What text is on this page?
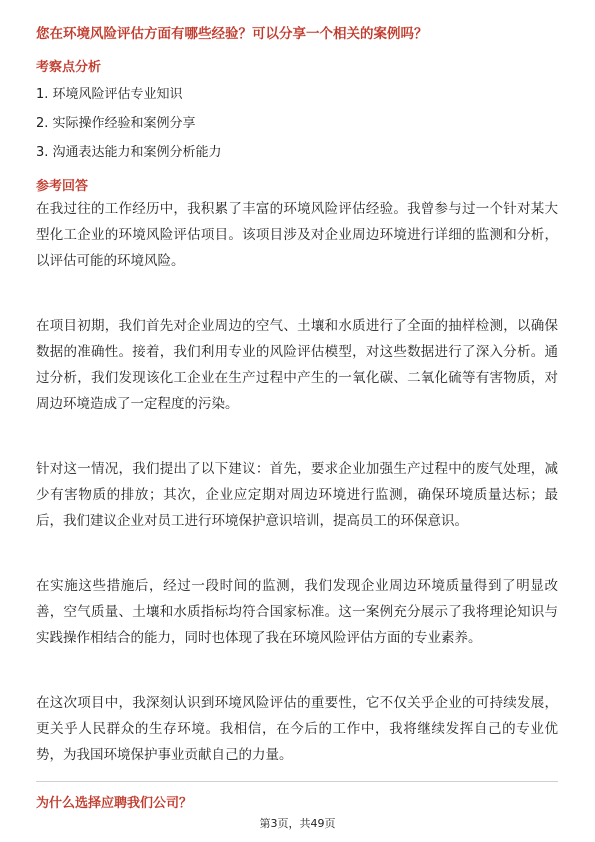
您在环境风险评估方面有哪些经验？可以分享一个相关的案例吗？
考察点分析
1. 环境风险评估专业知识
2. 实际操作经验和案例分享
3. 沟通表达能力和案例分析能力
参考回答

在我过往的工作经历中，我积累了丰富的环境风险评估经验。我曾参与过一个针对某大型化工企业的环境风险评估项目。该项目涉及对企业周边环境进行详细的监测和分析，以评估可能的环境风险。

在项目初期，我们首先对企业周边的空气、土壤和水质进行了全面的抽样检测，以确保数据的准确性。接着，我们利用专业的风险评估模型，对这些数据进行了深入分析。通过分析，我们发现该化工企业在生产过程中产生的一氧化碳、二氧化硫等有害物质，对周边环境造成了一定程度的污染。

针对这一情况，我们提出了以下建议：首先，要求企业加强生产过程中的废气处理，减少有害物质的排放；其次，企业应定期对周边环境进行监测，确保环境质量达标；最后，我们建议企业对员工进行环境保护意识培训，提高员工的环保意识。

在实施这些措施后，经过一段时间的监测，我们发现企业周边环境质量得到了明显改善，空气质量、土壤和水质指标均符合国家标准。这一案例充分展示了我将理论知识与实践操作相结合的能力，同时也体现了我在环境风险评估方面的专业素养。

在这次项目中，我深刻认识到环境风险评估的重要性，它不仅关乎企业的可持续发展，更关乎人民群众的生存环境。我相信，在今后的工作中，我将继续发挥自己的专业优势，为我国环境保护事业贡献自己的力量。

为什么选择应聘我们公司？
第3页，共49页
